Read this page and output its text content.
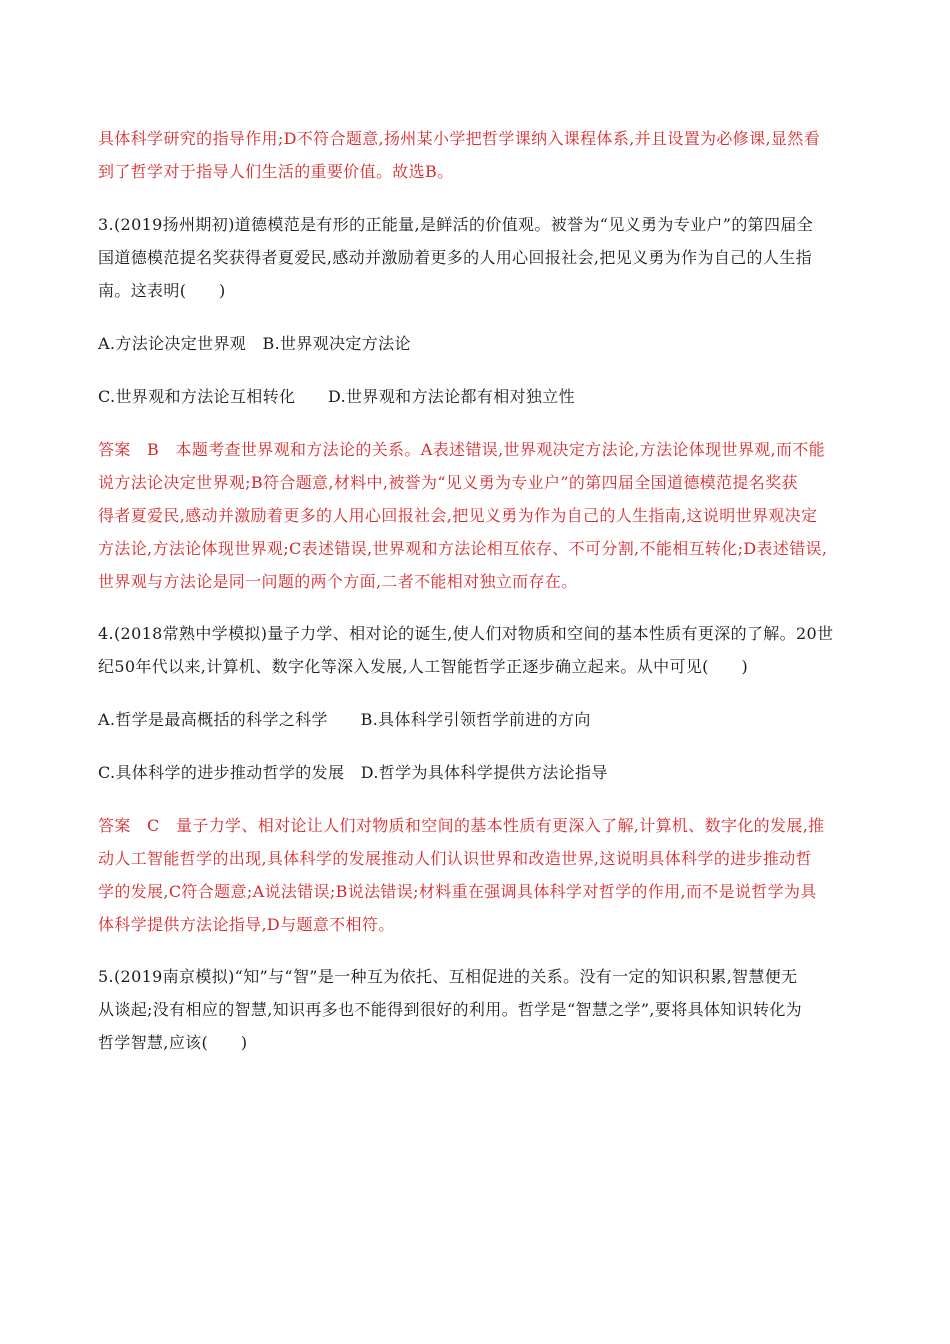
具体科学研究的指导作用;D不符合题意,扬州某小学把哲学课纳入课程体系,并且设置为必修课,显然看
到了哲学对于指导人们生活的重要价值。故选B。
3.(2019扬州期初)道德模范是有形的正能量,是鲜活的价值观。被誉为“见义勇为专业户”的第四届全
国道德模范提名奖获得者夏爱民,感动并激励着更多的人用心回报社会,把见义勇为作为自己的人生指
南。这表明(　　)
A.方法论决定世界观　B.世界观决定方法论
C.世界观和方法论互相转化　　D.世界观和方法论都有相对独立性
答案　B　本题考查世界观和方法论的关系。A表述错误,世界观决定方法论,方法论体现世界观,而不能
说方法论决定世界观;B符合题意,材料中,被誉为“见义勇为专业户”的第四届全国道德模范提名奖获
得者夏爱民,感动并激励着更多的人用心回报社会,把见义勇为作为自己的人生指南,这说明世界观决定
方法论,方法论体现世界观;C表述错误,世界观和方法论相互依存、不可分割,不能相互转化;D表述错误,
世界观与方法论是同一问题的两个方面,二者不能相对独立而存在。
4.(2018常熟中学模拟)量子力学、相对论的诞生,使人们对物质和空间的基本性质有更深的了解。20世
纪50年代以来,计算机、数字化等深入发展,人工智能哲学正逐步确立起来。从中可见(　　)
A.哲学是最高概括的科学之科学　　B.具体科学引领哲学前进的方向
C.具体科学的进步推动哲学的发展　D.哲学为具体科学提供方法论指导
答案　C　量子力学、相对论让人们对物质和空间的基本性质有更深入了解,计算机、数字化的发展,推
动人工智能哲学的出现,具体科学的发展推动人们认识世界和改造世界,这说明具体科学的进步推动哲
学的发展,C符合题意;A说法错误;B说法错误;材料重在强调具体科学对哲学的作用,而不是说哲学为具
体科学提供方法论指导,D与题意不相符。
5.(2019南京模拟)“知”与“智”是一种互为依托、互相促进的关系。没有一定的知识积累,智慧便无
从谈起;没有相应的智慧,知识再多也不能得到很好的利用。哲学是“智慧之学”,要将具体知识转化为
哲学智慧,应该(　　)
